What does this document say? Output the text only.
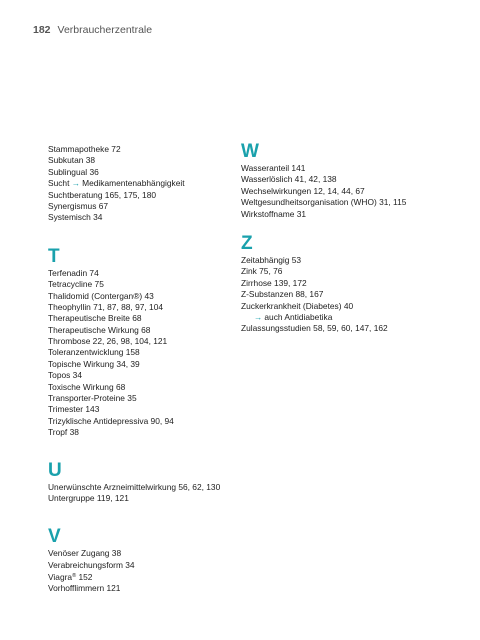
182 Verbraucherzentrale
Stammapotheke 72
Subkutan 38
Sublingual 36
Sucht → Medikamentenabhängigkeit
Suchtberatung 165, 175, 180
Synergismus 67
Systemisch 34
T
Terfenadin 74
Tetracycline 75
Thalidomid (Contergan®) 43
Theophyllin 71, 87, 88, 97, 104
Therapeutische Breite 68
Therapeutische Wirkung 68
Thrombose 22, 26, 98, 104, 121
Toleranzentwicklung 158
Topische Wirkung 34, 39
Topos 34
Toxische Wirkung 68
Transporter-Proteine 35
Trimester 143
Trizyklische Antidepressiva 90, 94
Tropf 38
U
Unerwünschte Arzneimittelwirkung 56, 62, 130
Untergruppe 119, 121
V
Venöser Zugang 38
Verabreichungsform 34
Viagra® 152
Vorhofflimmern 121
W
Wasseranteil 141
Wasserlöslich 41, 42, 138
Wechselwirkungen 12, 14, 44, 67
Weltgesundheitsorganisation (WHO) 31, 115
Wirkstoffname 31
Z
Zeitabhängig 53
Zink 75, 76
Zirrhose 139, 172
Z-Substanzen 88, 167
Zuckerkrankheit (Diabetes) 40
→ auch Antidiabetika
Zulassungsstudien 58, 59, 60, 147, 162
